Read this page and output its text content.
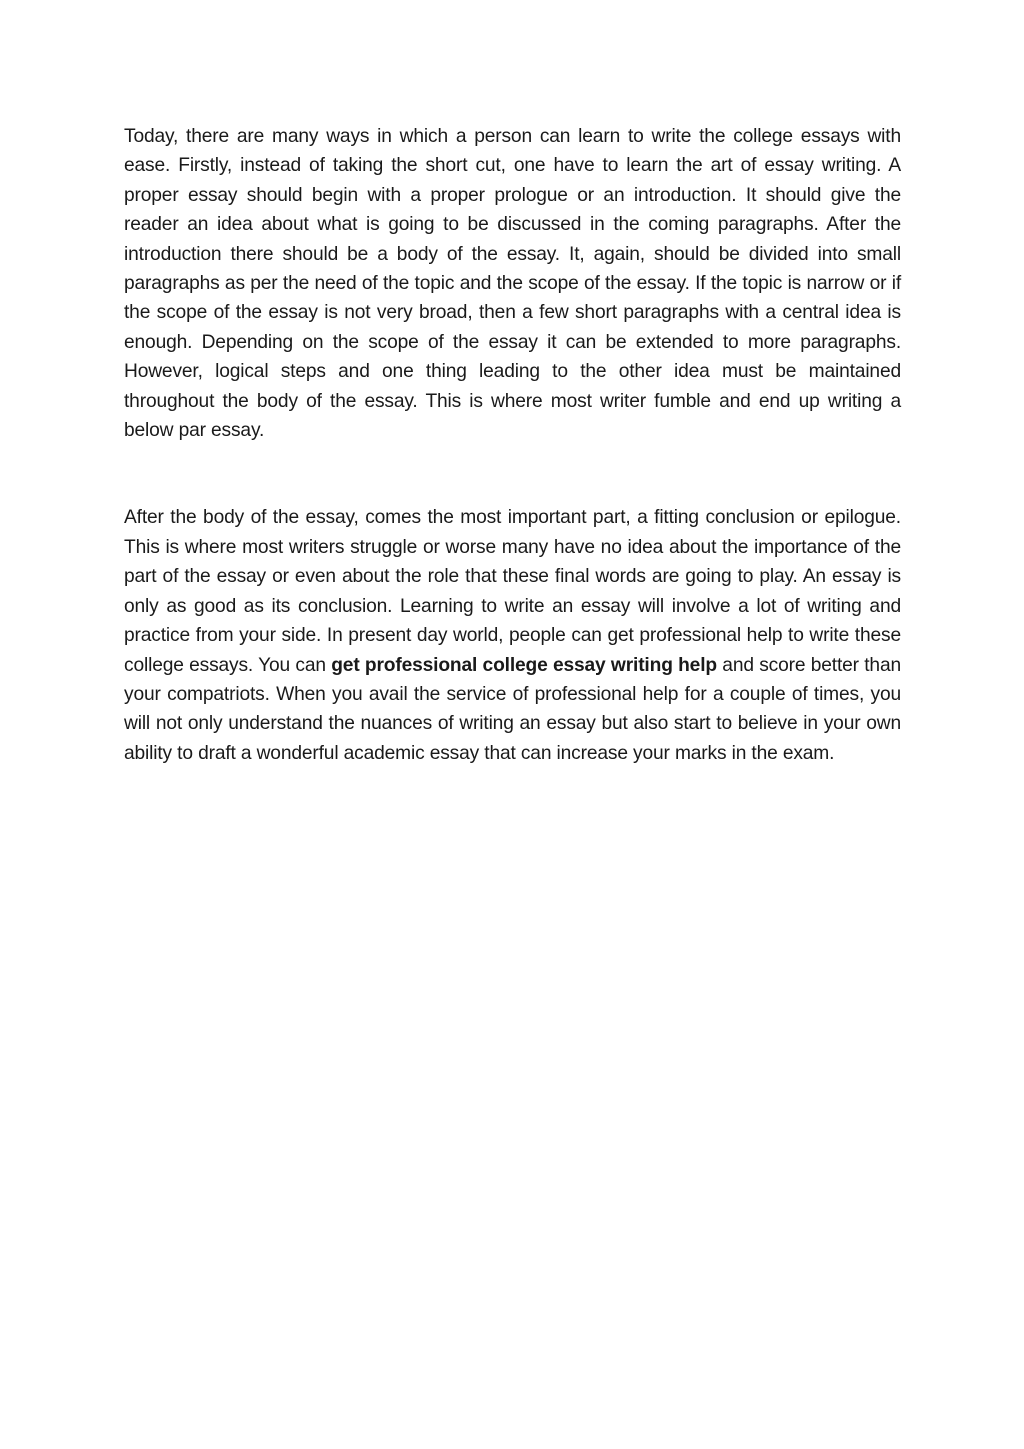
Today, there are many ways in which a person can learn to write the college essays with ease. Firstly, instead of taking the short cut, one have to learn the art of essay writing. A proper essay should begin with a proper prologue or an introduction. It should give the reader an idea about what is going to be discussed in the coming paragraphs. After the introduction there should be a body of the essay. It, again, should be divided into small paragraphs as per the need of the topic and the scope of the essay. If the topic is narrow or if the scope of the essay is not very broad, then a few short paragraphs with a central idea is enough. Depending on the scope of the essay it can be extended to more paragraphs. However, logical steps and one thing leading to the other idea must be maintained throughout the body of the essay. This is where most writer fumble and end up writing a below par essay.

After the body of the essay, comes the most important part, a fitting conclusion or epilogue. This is where most writers struggle or worse many have no idea about the importance of the part of the essay or even about the role that these final words are going to play. An essay is only as good as its conclusion. Learning to write an essay will involve a lot of writing and practice from your side. In present day world, people can get professional help to write these college essays. You can get professional college essay writing help and score better than your compatriots. When you avail the service of professional help for a couple of times, you will not only understand the nuances of writing an essay but also start to believe in your own ability to draft a wonderful academic essay that can increase your marks in the exam.
